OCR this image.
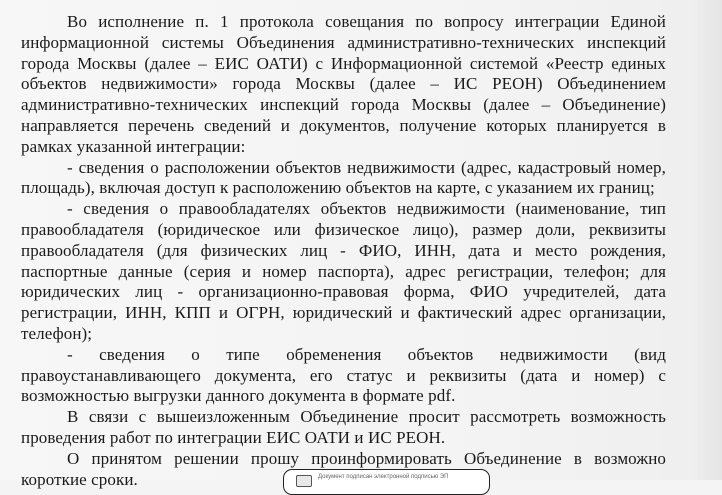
Во исполнение п. 1 протокола совещания по вопросу интеграции Единой информационной системы Объединения административно-технических инспекций города Москвы (далее – ЕИС ОАТИ) с Информационной системой «Реестр единых объектов недвижимости» города Москвы (далее – ИС РЕОН) Объединением административно-технических инспекций города Москвы (далее – Объединение) направляется перечень сведений и документов, получение которых планируется в рамках указанной интеграции:

- сведения о расположении объектов недвижимости (адрес, кадастровый номер, площадь), включая доступ к расположению объектов на карте, с указанием их границ;

- сведения о правообладателях объектов недвижимости (наименование, тип правообладателя (юридическое или физическое лицо), размер доли, реквизиты правообладателя (для физических лиц - ФИО, ИНН, дата и место рождения, паспортные данные (серия и номер паспорта), адрес регистрации, телефон; для юридических лиц - организационно-правовая форма, ФИО учредителей, дата регистрации, ИНН, КПП и ОГРН, юридический и фактический адрес организации, телефон);

- сведения о типе обременения объектов недвижимости (вид правоустанавливающего документа, его статус и реквизиты (дата и номер) с возможностью выгрузки данного документа в формате pdf.

В связи с вышеизложенным Объединение просит рассмотреть возможность проведения работ по интеграции ЕИС ОАТИ и ИС РЕОН.

О принятом решении прошу проинформировать Объединение в возможно короткие сроки.	Документ подписан электронной подписью ЭП
